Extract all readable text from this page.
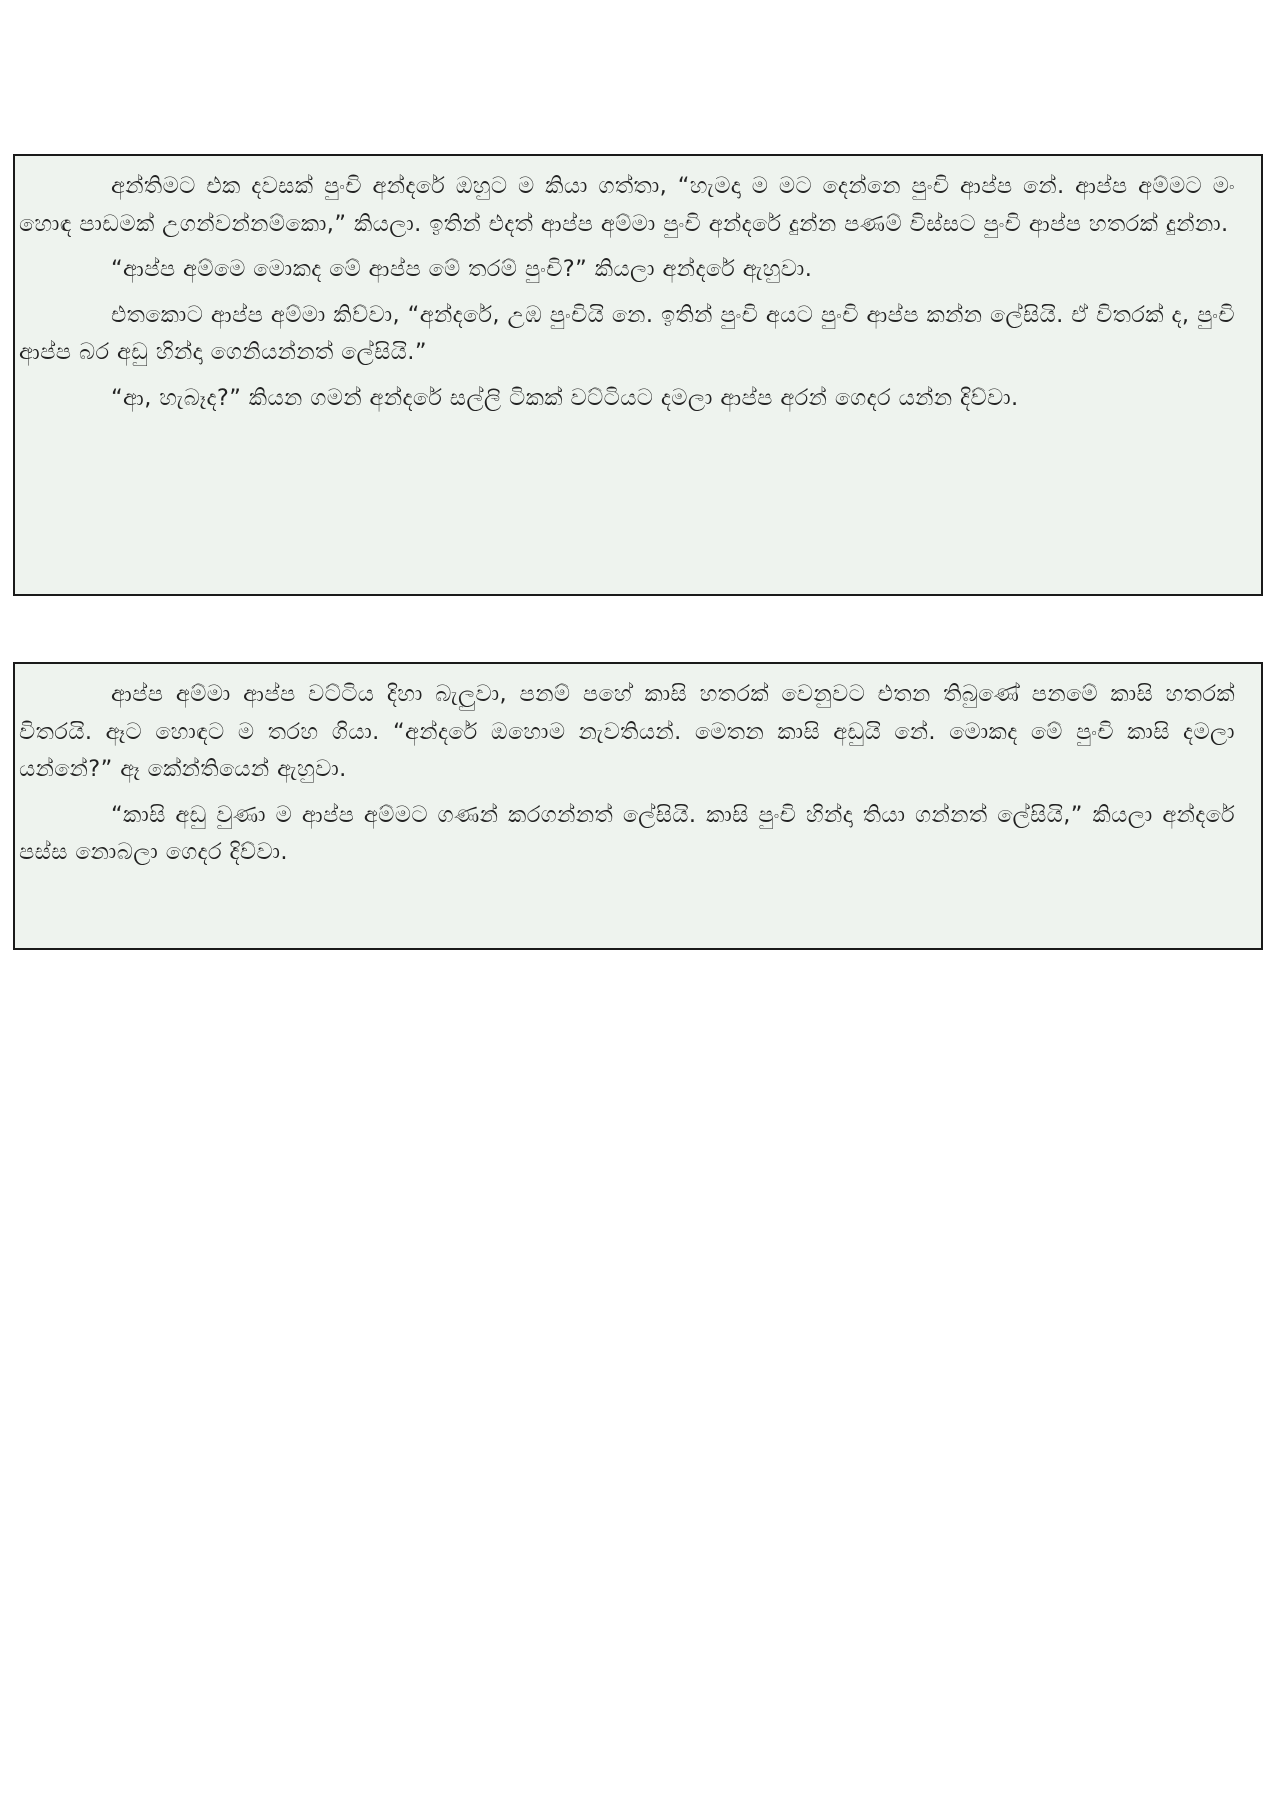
අන්තිමට එක දවසක් පුංචි අන්දරේ ඔහුට ම කියා ගත්තා, “හැමදා ම මට දෙන්නෙ පුංචි ආප්ප නේ. ආප්ප අම්මට මං හොඳ පාඩමක් උගන්වන්නම්කො,” කියලා. ඉතින් එදත් ආප්ප අම්මා පුංචි අන්දරේ දුන්න පණම් විස්සට පුංචි ආප්ප හතරක් දුන්නා.

“ආප්ප අම්මෙ මොකද මේ ආප්ප මේ තරම් පුංචි?” කියලා අන්දරේ ඇහුවා.

එතකොට ආප්ප අම්මා කිව්වා, “අන්දරේ, උඹ පුංචියි නෙ. ඉතින් පුංචි අයට පුංචි ආප්ප කන්න ලේසියි. ඒ විතරක් ද, පුංචි ආප්ප බර අඩු හින්දා ගෙනියන්නත් ලේසියි.”

“ආ, හැබෑද?” කියන ගමන් අන්දරේ සල්ලි ටිකක් වට්ටියට දමලා ආප්ප අරන් ගෙදර යන්න දිව්වා.

ආප්ප අම්මා ආප්ප වට්ටිය දිහා බැලුවා, පනම් පහේ කාසි හතරක් වෙනුවට එතන තිබුණේ පනමේ කාසි හතරක් විතරයි. ඈට හොඳට ම තරහ ගියා. “අන්දරේ ඔහොම නැවතියන්. මෙතන කාසි අඩුයි නේ. මොකද මේ පුංචි කාසි දමලා යන්නේ?” ඈ කේන්තියෙන් ඇහුවා.

“කාසි අඩු වුණා ම ආප්ප අම්මට ගණන් කරගන්නත් ලේසියි. කාසි පුංචි හින්දා තියා ගන්නත් ලේසියි,” කියලා අන්දරේ පස්ස නොබලා ගෙදර දිව්වා.
